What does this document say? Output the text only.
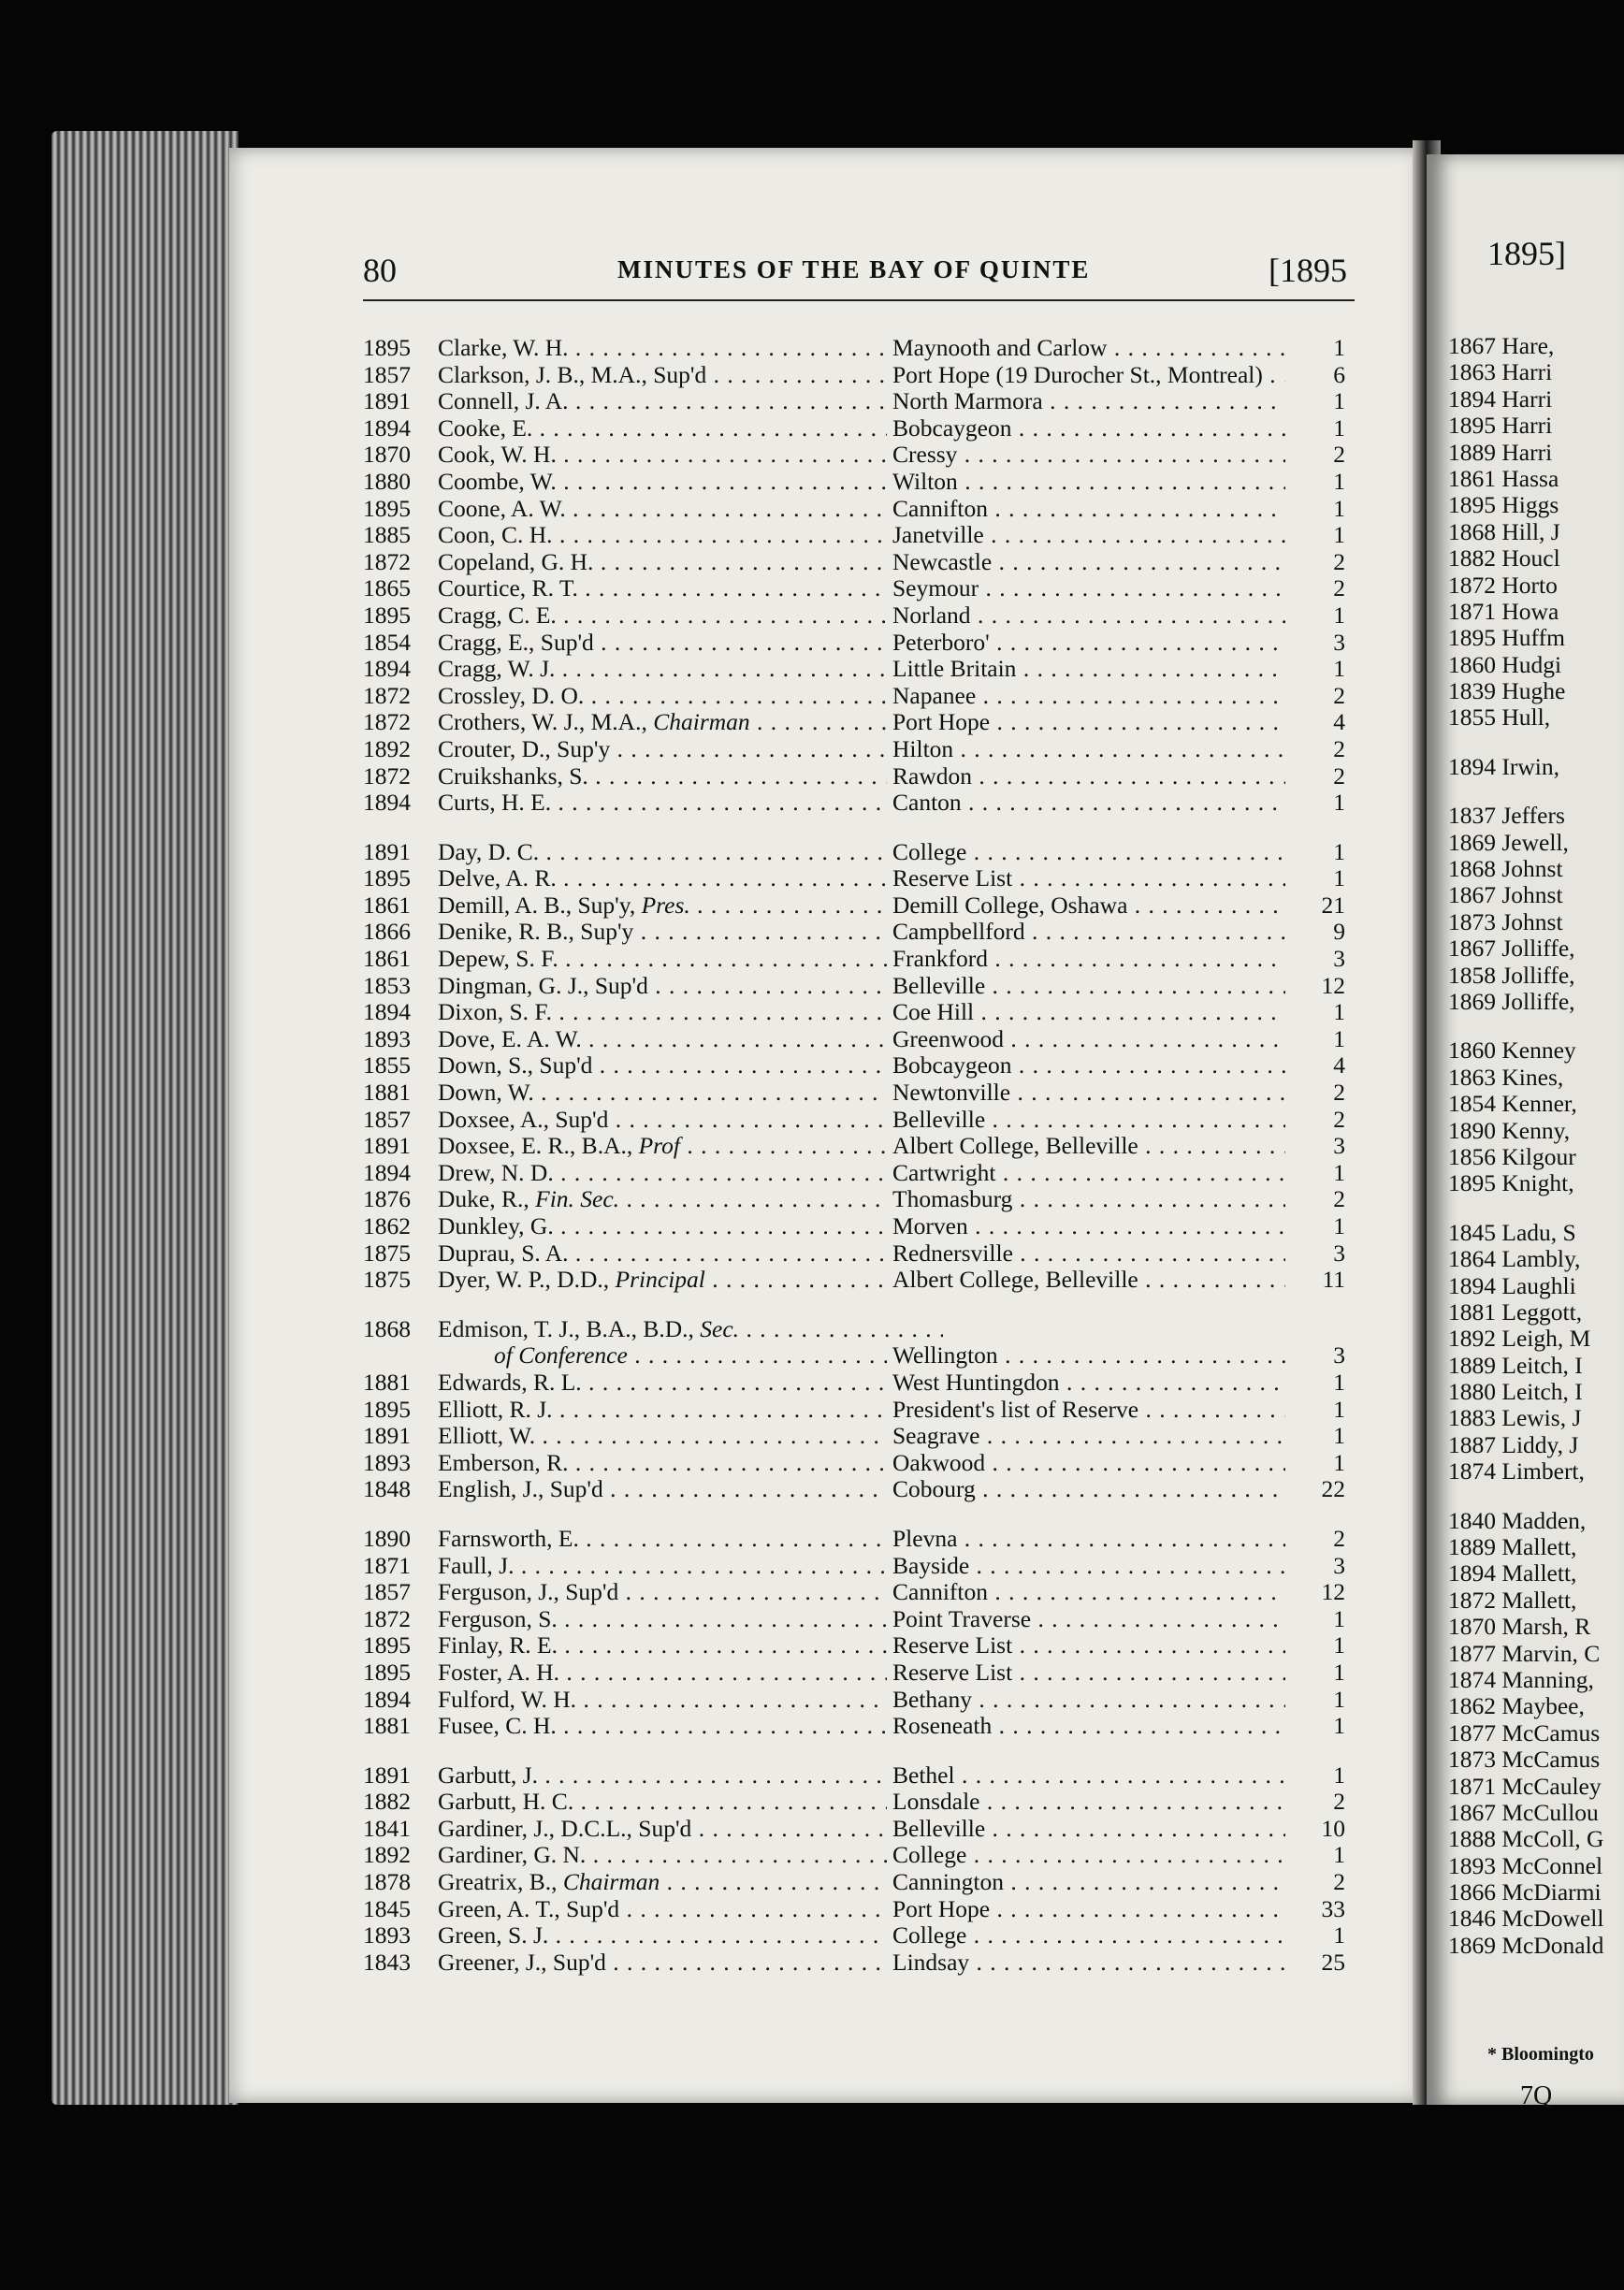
80	MINUTES OF THE BAY OF QUINTE	[1895
1895	Clarke, W. H. . . .	Maynooth and Carlow . . .	1
1857	Clarkson, J. B., M.A., Sup'd . . .	Port Hope (19 Durocher St., Montreal) . . .	6
1891	Connell, J. A. . . .	North Marmora . . .	1
1894	Cooke, E. . . .	Bobcaygeon . . .	1
1870	Cook, W. H. . . .	Cressy . . .	2
1880	Coombe, W. . . .	Wilton . . .	1
1895	Coone, A. W. . . .	Cannifton . . .	1
1885	Coon, C. H. . . .	Janetville . . .	1
1872	Copeland, G. H. . . .	Newcastle . . .	2
1865	Courtice, R. T. . . .	Seymour . . .	2
1895	Cragg, C. E. . . .	Norland . . .	1
1854	Cragg, E., Sup'd . . .	Peterboro' . . .	3
1894	Cragg, W. J. . . .	Little Britain . . .	1
1872	Crossley, D. O. . . .	Napanee . . .	2
1872	Crothers, W. J., M.A., Chairman . . .	Port Hope . . .	4
1892	Crouter, D., Sup'y . . .	Hilton . . .	2
1872	Cruikshanks, S. . . .	Rawdon . . .	2
1894	Curts, H. E. . . .	Canton . . .	1
1891	Day, D. C. . . .	College . . .	1
1895	Delve, A. R. . . .	Reserve List . . .	1
1861	Demill, A. B., Sup'y, Pres. . . .	Demill College, Oshawa . . .	21
1866	Denike, R. B., Sup'y . . .	Campbellford . . .	9
1861	Depew, S. F. . . .	Frankford . . .	3
1853	Dingman, G. J., Sup'd . . .	Belleville . . .	12
1894	Dixon, S. F. . . .	Coe Hill . . .	1
1893	Dove, E. A. W. . . .	Greenwood . . .	1
1855	Down, S., Sup'd . . .	Bobcaygeon . . .	4
1881	Down, W. . . .	Newtonville . . .	2
1857	Doxsee, A., Sup'd . . .	Belleville . . .	2
1891	Doxsee, E. R., B.A., Prof . . .	Albert College, Belleville . . .	3
1894	Drew, N. D. . . .	Cartwright . . .	1
1876	Duke, R., Fin. Sec. . . .	Thomasburg . . .	2
1862	Dunkley, G. . . .	Morven . . .	1
1875	Duprau, S. A. . . .	Rednersville . . .	3
1875	Dyer, W. P., D.D., Principal . . .	Albert College, Belleville . . .	11
1868	Edmison, T. J., B.A., B.D., Sec. . . .
of Conference . . .	Wellington . . .	3
1881	Edwards, R. L. . . .	West Huntingdon . . .	1
1895	Elliott, R. J. . . .	President's list of Reserve . . .	1
1891	Elliott, W. . . .	Seagrave . . .	1
1893	Emberson, R. . . .	Oakwood . . .	1
1848	English, J., Sup'd . . .	Cobourg . . .	22
1890	Farnsworth, E. . . .	Plevna . . .	2
1871	Faull, J. . . .	Bayside . . .	3
1857	Ferguson, J., Sup'd . . .	Cannifton . . .	12
1872	Ferguson, S. . . .	Point Traverse . . .	1
1895	Finlay, R. E. . . .	Reserve List . . .	1
1895	Foster, A. H. . . .	Reserve List . . .	1
1894	Fulford, W. H. . . .	Bethany . . .	1
1881	Fusee, C. H. . . .	Roseneath . . .	1
1891	Garbutt, J. . . .	Bethel . . .	1
1882	Garbutt, H. C. . . .	Lonsdale . . .	2
1841	Gardiner, J., D.C.L., Sup'd . . .	Belleville . . .	10
1892	Gardiner, G. N. . . .	College . . .	1
1878	Greatrix, B., Chairman . . .	Cannington . . .	2
1845	Green, A. T., Sup'd . . .	Port Hope . . .	33
1893	Green, S. J. . . .	College . . .	1
1843	Greener, J., Sup'd . . .	Lindsay . . .	25
1895]
1867 Hare,
1863 Harri
1894 Harri
1895 Harri
1889 Harri
1861 Hassa
1895 Higgs
1868 Hill, J
1882 Houcl
1872 Horto
1871 Howa
1895 Huffm
1860 Hudgi
1839 Hughe
1855 Hull,
1894 Irwin,
1837 Jeffers
1869 Jewell,
1868 Johnst
1867 Johnst
1873 Johnst
1867 Jolliffe,
1858 Jolliffe,
1869 Jolliffe,
1860 Kenney
1863 Kines,
1854 Kenner,
1890 Kenny,
1856 Kilgour
1895 Knight,
1845 Ladu, S
1864 Lambly,
1894 Laughli
1881 Leggott,
1892 Leigh, M
1889 Leitch, I
1880 Leitch, I
1883 Lewis, J
1887 Liddy, J
1874 Limbert,
1840 Madden,
1889 Mallett,
1894 Mallett,
1872 Mallett,
1870 Marsh, R
1877 Marvin, C
1874 Manning,
1862 Maybee,
1877 McCamus
1873 McCamus
1871 McCauley
1867 McCullou
1888 McColl, G
1893 McConnel
1866 McDiarmi
1846 McDowell
1869 McDonald
* Bloomingto
7Q
